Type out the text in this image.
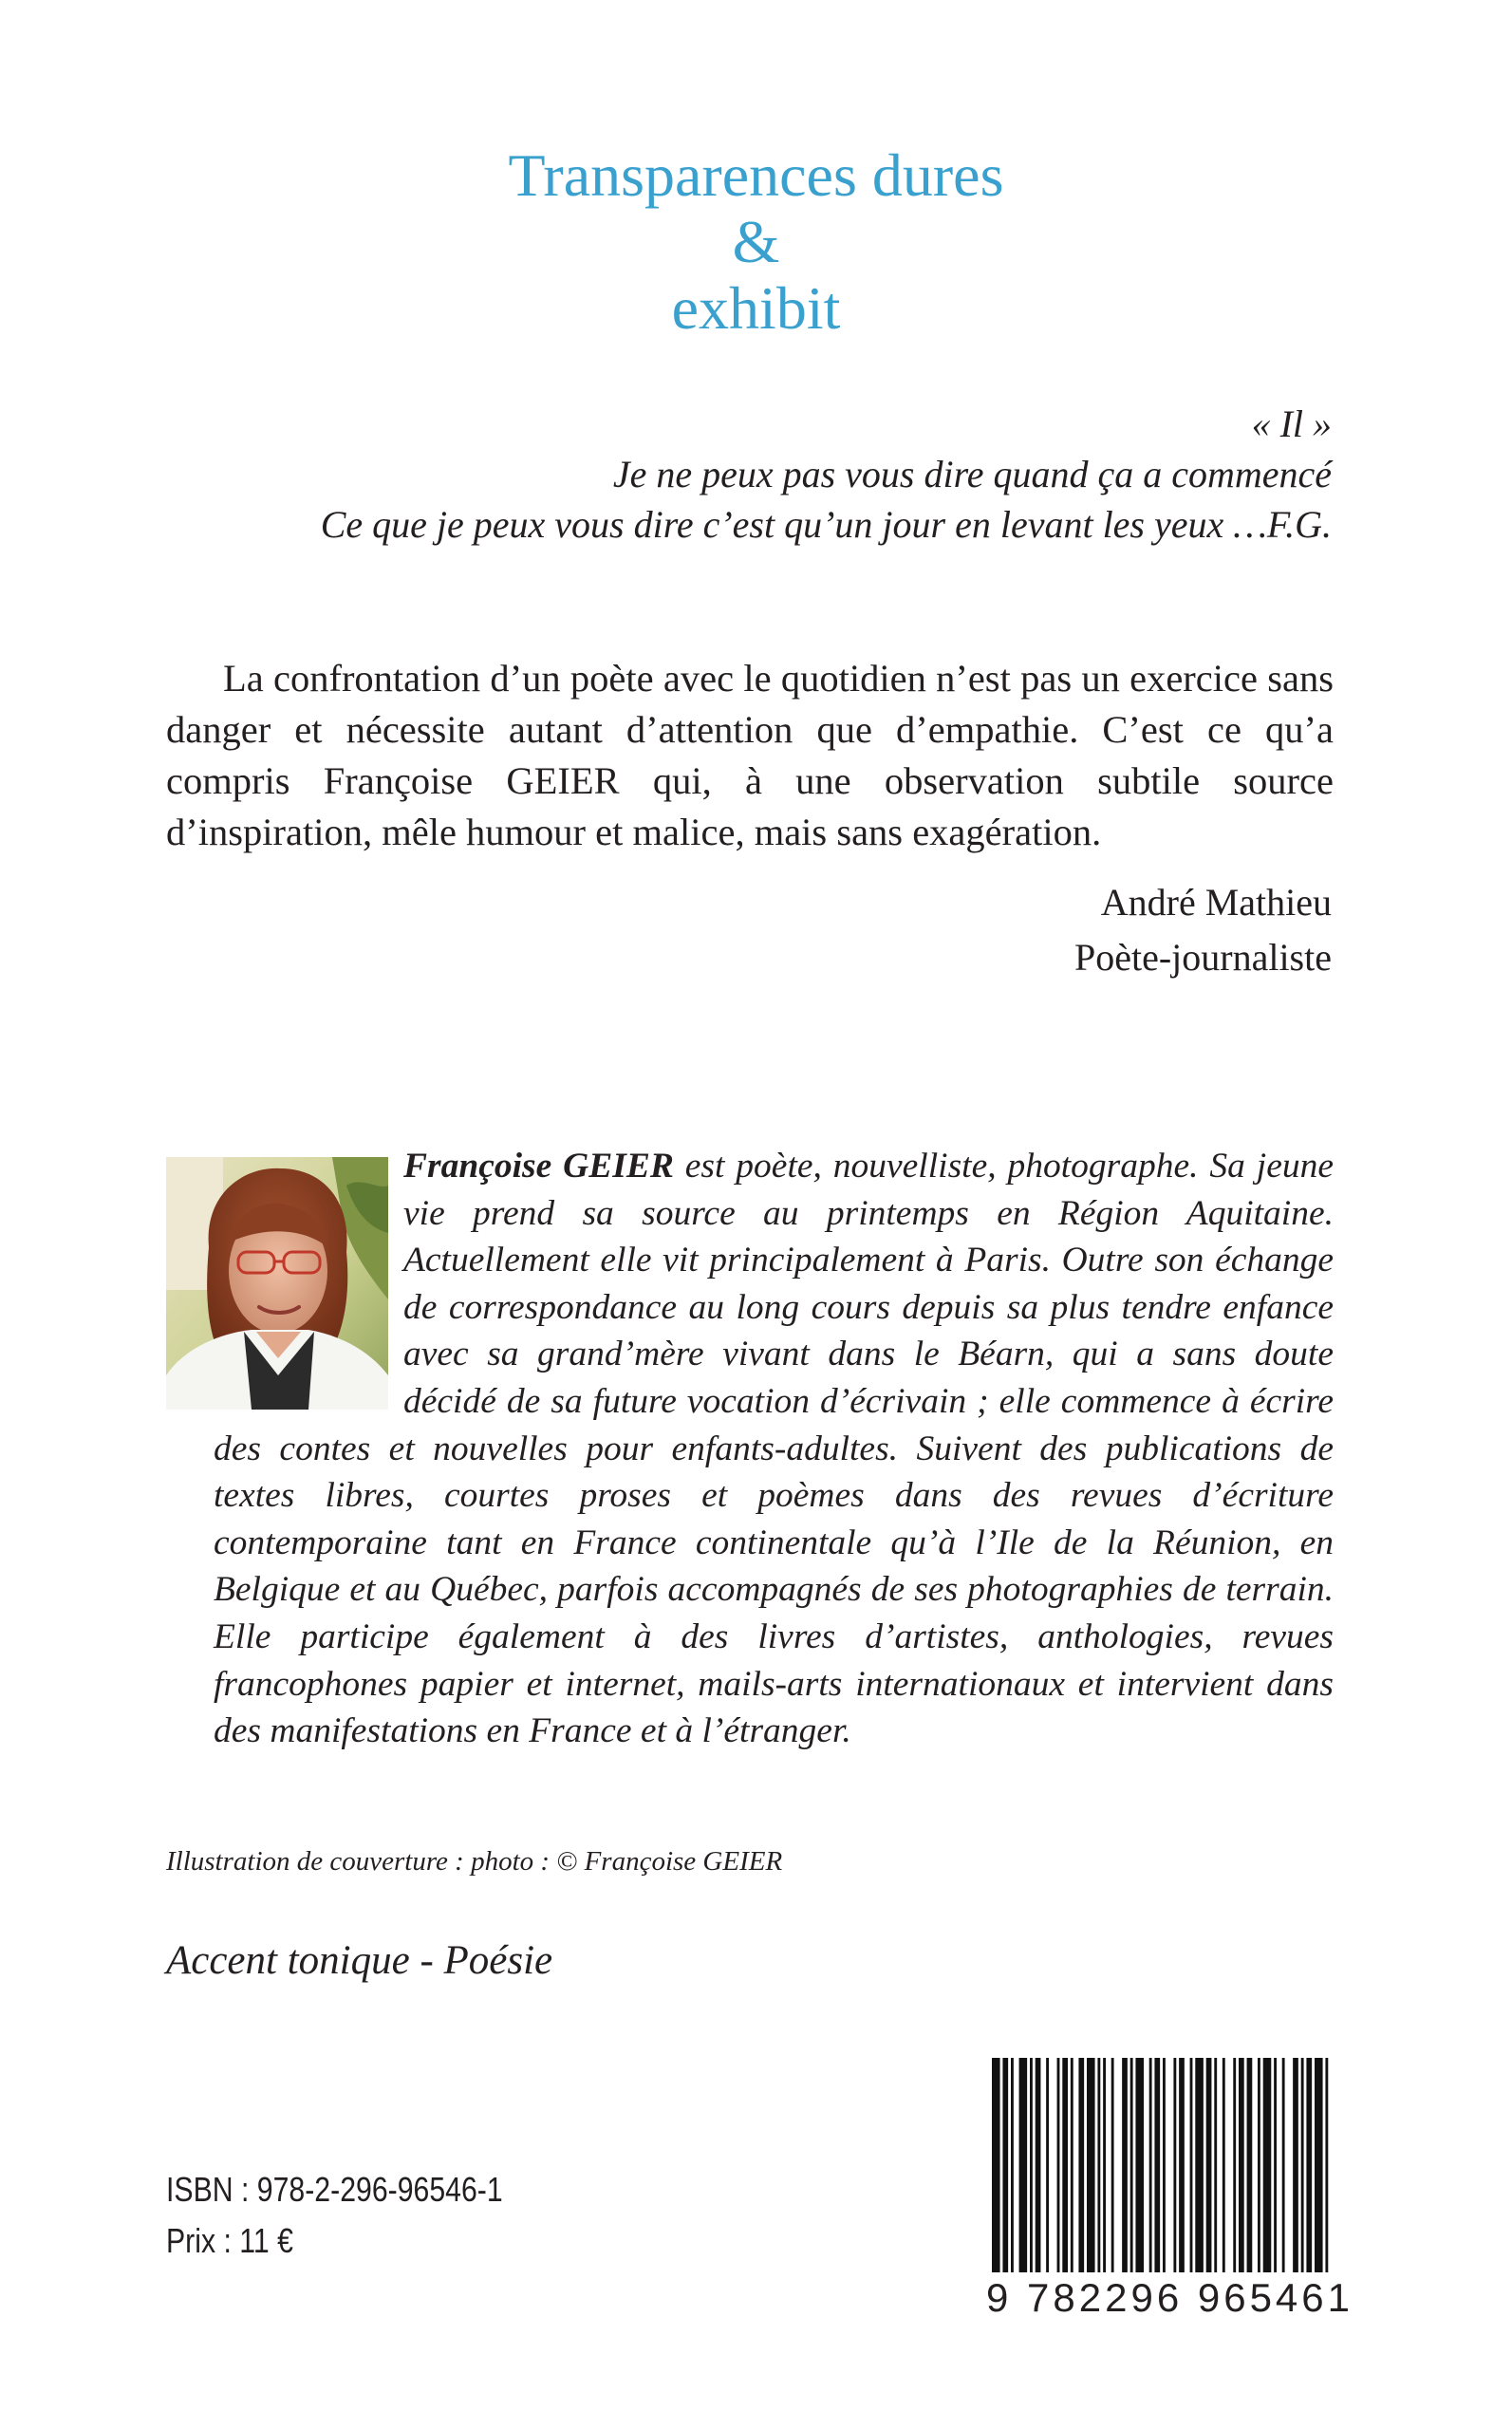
Transparences dures
&
exhibit
« Il »
Je ne peux pas vous dire quand ça a commencé
Ce que je peux vous dire c’est qu’un jour en levant les yeux …F.G.
La confrontation d’un poète avec le quotidien n’est pas un exercice sans danger et nécessite autant d’attention que d’empathie. C’est ce qu’a compris Françoise GEIER qui, à une observation subtile source d’inspiration, mêle humour et malice, mais sans exagération.
André Mathieu
Poète-journaliste
Françoise GEIER est poète, nouvelliste, photographe. Sa jeune vie prend sa source au printemps en Région Aquitaine. Actuellement elle vit principalement à Paris. Outre son échange de correspondance au long cours depuis sa plus tendre enfance avec sa grand’mère vivant dans le Béarn, qui a sans doute décidé de sa future vocation d’écrivain ; elle commence à écrire des contes et nouvelles pour enfants-adultes. Suivent des publications de textes libres, courtes proses et poèmes dans des revues d’écriture contemporaine tant en France continentale qu’à l’Ile de la Réunion, en Belgique et au Québec, parfois accompagnés de ses photographies de terrain. Elle participe également à des livres d’artistes, anthologies, revues francophones papier et internet, mails-arts internationaux et intervient dans des manifestations en France et à l’étranger.
Illustration de couverture : photo : © Françoise GEIER
Accent tonique - Poésie
ISBN : 978-2-296-96546-1
Prix : 11 €
9 782296 965461
